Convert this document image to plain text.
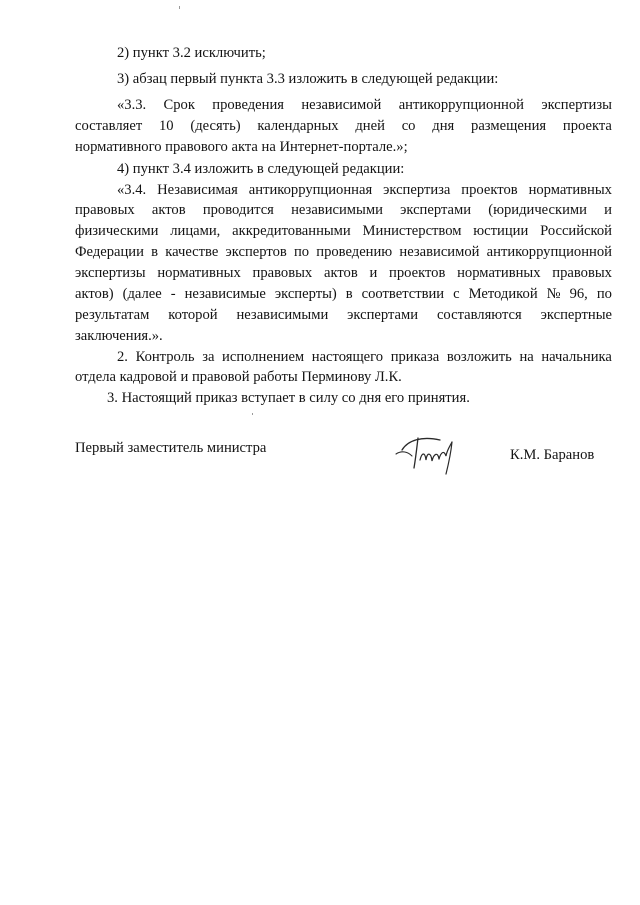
2) пункт 3.2 исключить;
3) абзац первый пункта 3.3 изложить в следующей редакции:
«3.3. Срок проведения независимой антикоррупционной экспертизы
составляет 10 (десять) календарных дней со дня размещения проекта
нормативного правового акта на Интернет-портале.»;
4) пункт 3.4 изложить в следующей редакции:
«3.4. Независимая антикоррупционная экспертиза проектов нормативных
правовых актов проводится независимыми экспертами (юридическими и
физическими лицами, аккредитованными Министерством юстиции Российской
Федерации в качестве экспертов по проведению независимой антикоррупционной
экспертизы нормативных правовых актов и проектов нормативных правовых
актов) (далее - независимые эксперты) в соответствии с Методикой № 96, по
результатам которой независимыми экспертами составляются экспертные
заключения.».
2. Контроль за исполнением настоящего приказа возложить на начальника
отдела кадровой и правовой работы Перминову Л.К.
3. Настоящий приказ вступает в силу со дня его принятия.
Первый заместитель министра	К.М. Баранов
